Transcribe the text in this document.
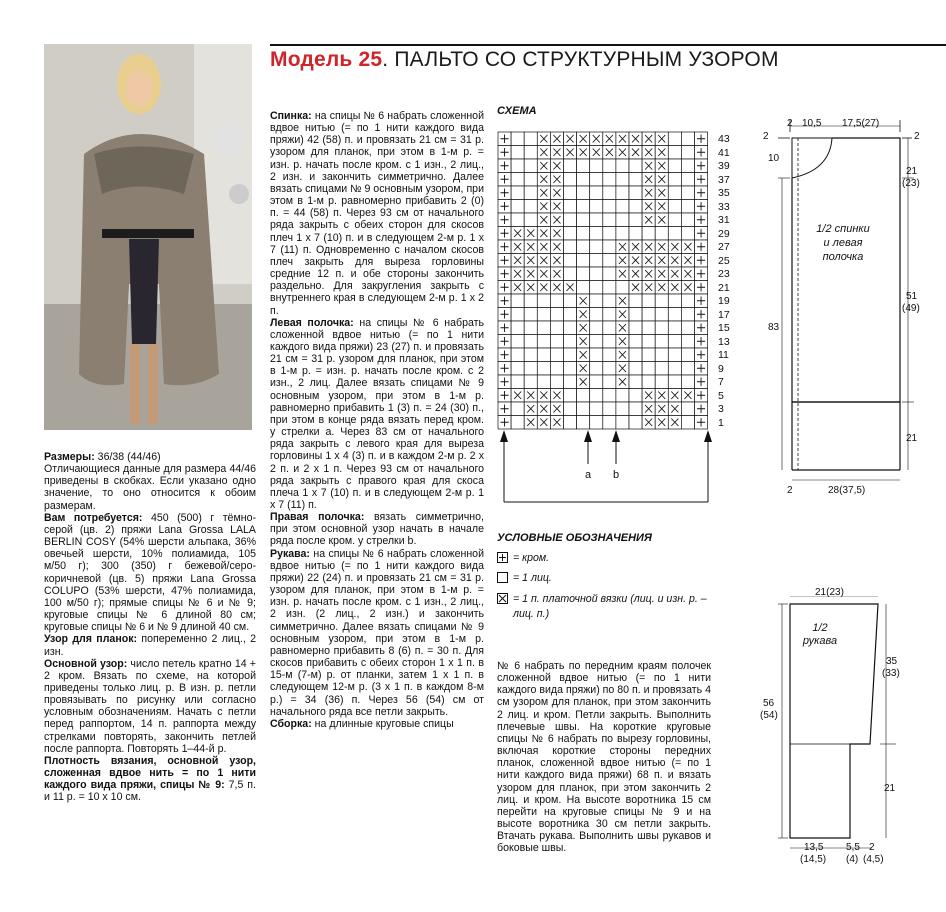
Модель 25. ПАЛЬТО СО СТРУКТУРНЫМ УЗОРОМ

Размеры: 36/38 (44/46)

Отличающиеся данные для размера 44/46 приведены в скобках. Если указано одно значение, то оно относится к обоим размерам.

Вам потребуется: 450 (500) г тёмно-серой (цв. 2) пряжи Lana Grossa LALA BERLIN COSY (54% шерсти альпака, 36% овечьей шерсти, 10% полиамида, 105 м/50 г); 300 (350) г бежевой/серо-коричневой (цв. 5) пряжи Lana Grossa COLUPO (53% шерсти, 47% полиамида, 100 м/50 г); прямые спицы № 6 и № 9; круговые спицы № 6 длиной 80 см; круговые спицы № 6 и № 9 длиной 40 см.

Узор для планок: попеременно 2 лиц., 2 изн.

Основной узор: число петель кратно 14 + 2 кром. Вязать по схеме, на которой приведены только лиц. р. В изн. р. петли провязывать по рисунку или согласно условным обозначениям. Начать с петли перед раппортом, 14 п. раппорта между стрелками повторять, закончить петлей после раппорта. Повторять 1–44-й р.

Плотность вязания, основной узор, сложенная вдвое нить = по 1 нити каждого вида пряжи, спицы № 9: 7,5 п. и 11 р. = 10 x 10 см.

Спинка: на спицы № 6 набрать сложенной вдвое нитью (= по 1 нити каждого вида пряжи) 42 (58) п. и провязать 21 см = 31 р. узором для планок, при этом в 1-м р. = изн. р. начать после кром. с 1 изн., 2 лиц., 2 изн. и закончить симметрично. Далее вязать спицами № 9 основным узором, при этом в 1-м р. равномерно прибавить 2 (0) п. = 44 (58) п. Через 93 см от начального ряда закрыть с обеих сторон для скосов плеч 1 x 7 (10) п. и в следующем 2-м р. 1 x 7 (11) п. Одновременно с началом скосов плеч закрыть для выреза горловины средние 12 п. и обе стороны закончить раздельно. Для закругления закрыть с внутреннего края в следующем 2-м р. 1 x 2 п.

Левая полочка: на спицы № 6 набрать сложенной вдвое нитью (= по 1 нити каждого вида пряжи) 23 (27) п. и провязать 21 см = 31 р. узором для планок, при этом в 1-м р. = изн. р. начать после кром. с 2 изн., 2 лиц. Далее вязать спицами № 9 основным узором, при этом в 1-м р. равномерно прибавить 1 (3) п. = 24 (30) п., при этом в конце ряда вязать перед кром. у стрелки a. Через 83 см от начального ряда закрыть с левого края для выреза горловины 1 x 4 (3) п. и в каждом 2-м р. 2 x 2 п. и 2 x 1 п. Через 93 см от начального ряда закрыть с правого края для скоса плеча 1 x 7 (10) п. и в следующем 2-м р. 1 x 7 (11) п.

Правая полочка: вязать симметрично, при этом основной узор начать в начале ряда после кром. у стрелки b.

Рукава: на спицы № 6 набрать сложенной вдвое нитью (= по 1 нити каждого вида пряжи) 22 (24) п. и провязать 21 см = 31 р. узором для планок, при этом в 1-м р. = изн. р. начать после кром. с 1 изн., 2 лиц., 2 изн. (2 лиц., 2 изн.) и закончить симметрично. Далее вязать спицами № 9 основным узором, при этом в 1-м р. равномерно прибавить 8 (6) п. = 30 п. Для скосов прибавить с обеих сторон 1 x 1 п. в 15-м (7-м) р. от планки, затем 1 x 1 п. в следующем 12-м р. (3 x 1 п. в каждом 8-м р.) = 34 (36) п. Через 56 (54) см от начального ряда все петли закрыть.

Сборка: на длинные круговые спицы

№ 6 набрать по передним краям полочек сложенной вдвое нитью (= по 1 нити каждого вида пряжи) по 80 п. и провязать 4 см узором для планок, при этом закончить 2 лиц. и кром. Петли закрыть. Выполнить плечевые швы. На короткие круговые спицы № 6 набрать по вырезу горловины, включая короткие стороны передних планок, сложенной вдвое нитью (= по 1 нити каждого вида пряжи) 68 п. и вязать узором для планок, при этом закончить 2 лиц. и кром. На высоте воротника 15 см перейти на круговые спицы № 9 и на высоте воротника 30 см петли закрыть. Втачать рукава. Выполнить швы рукавов и боковые швы.

СХЕМА
a b
43
41
39
37
35
33
31
29
27
25
23
21
19
17
15
13
11
9
7
5
3
1
УСЛОВНЫЕ ОБОЗНАЧЕНИЯ
= кром.
= 1 лиц.
= 1 п. платочной вязки (лиц. и изн. р. – лиц. п.)
1/2 спинки
и левая
полочка
2 10,5 17,5(27)
2	2
10
21
(23)
83
51
(49)
21
2	28(37,5)
1/2
рукава
21(23)
35
(33)
56
(54)
21
13,5
(14,5)
5,5
(4)
2
(4,5)
